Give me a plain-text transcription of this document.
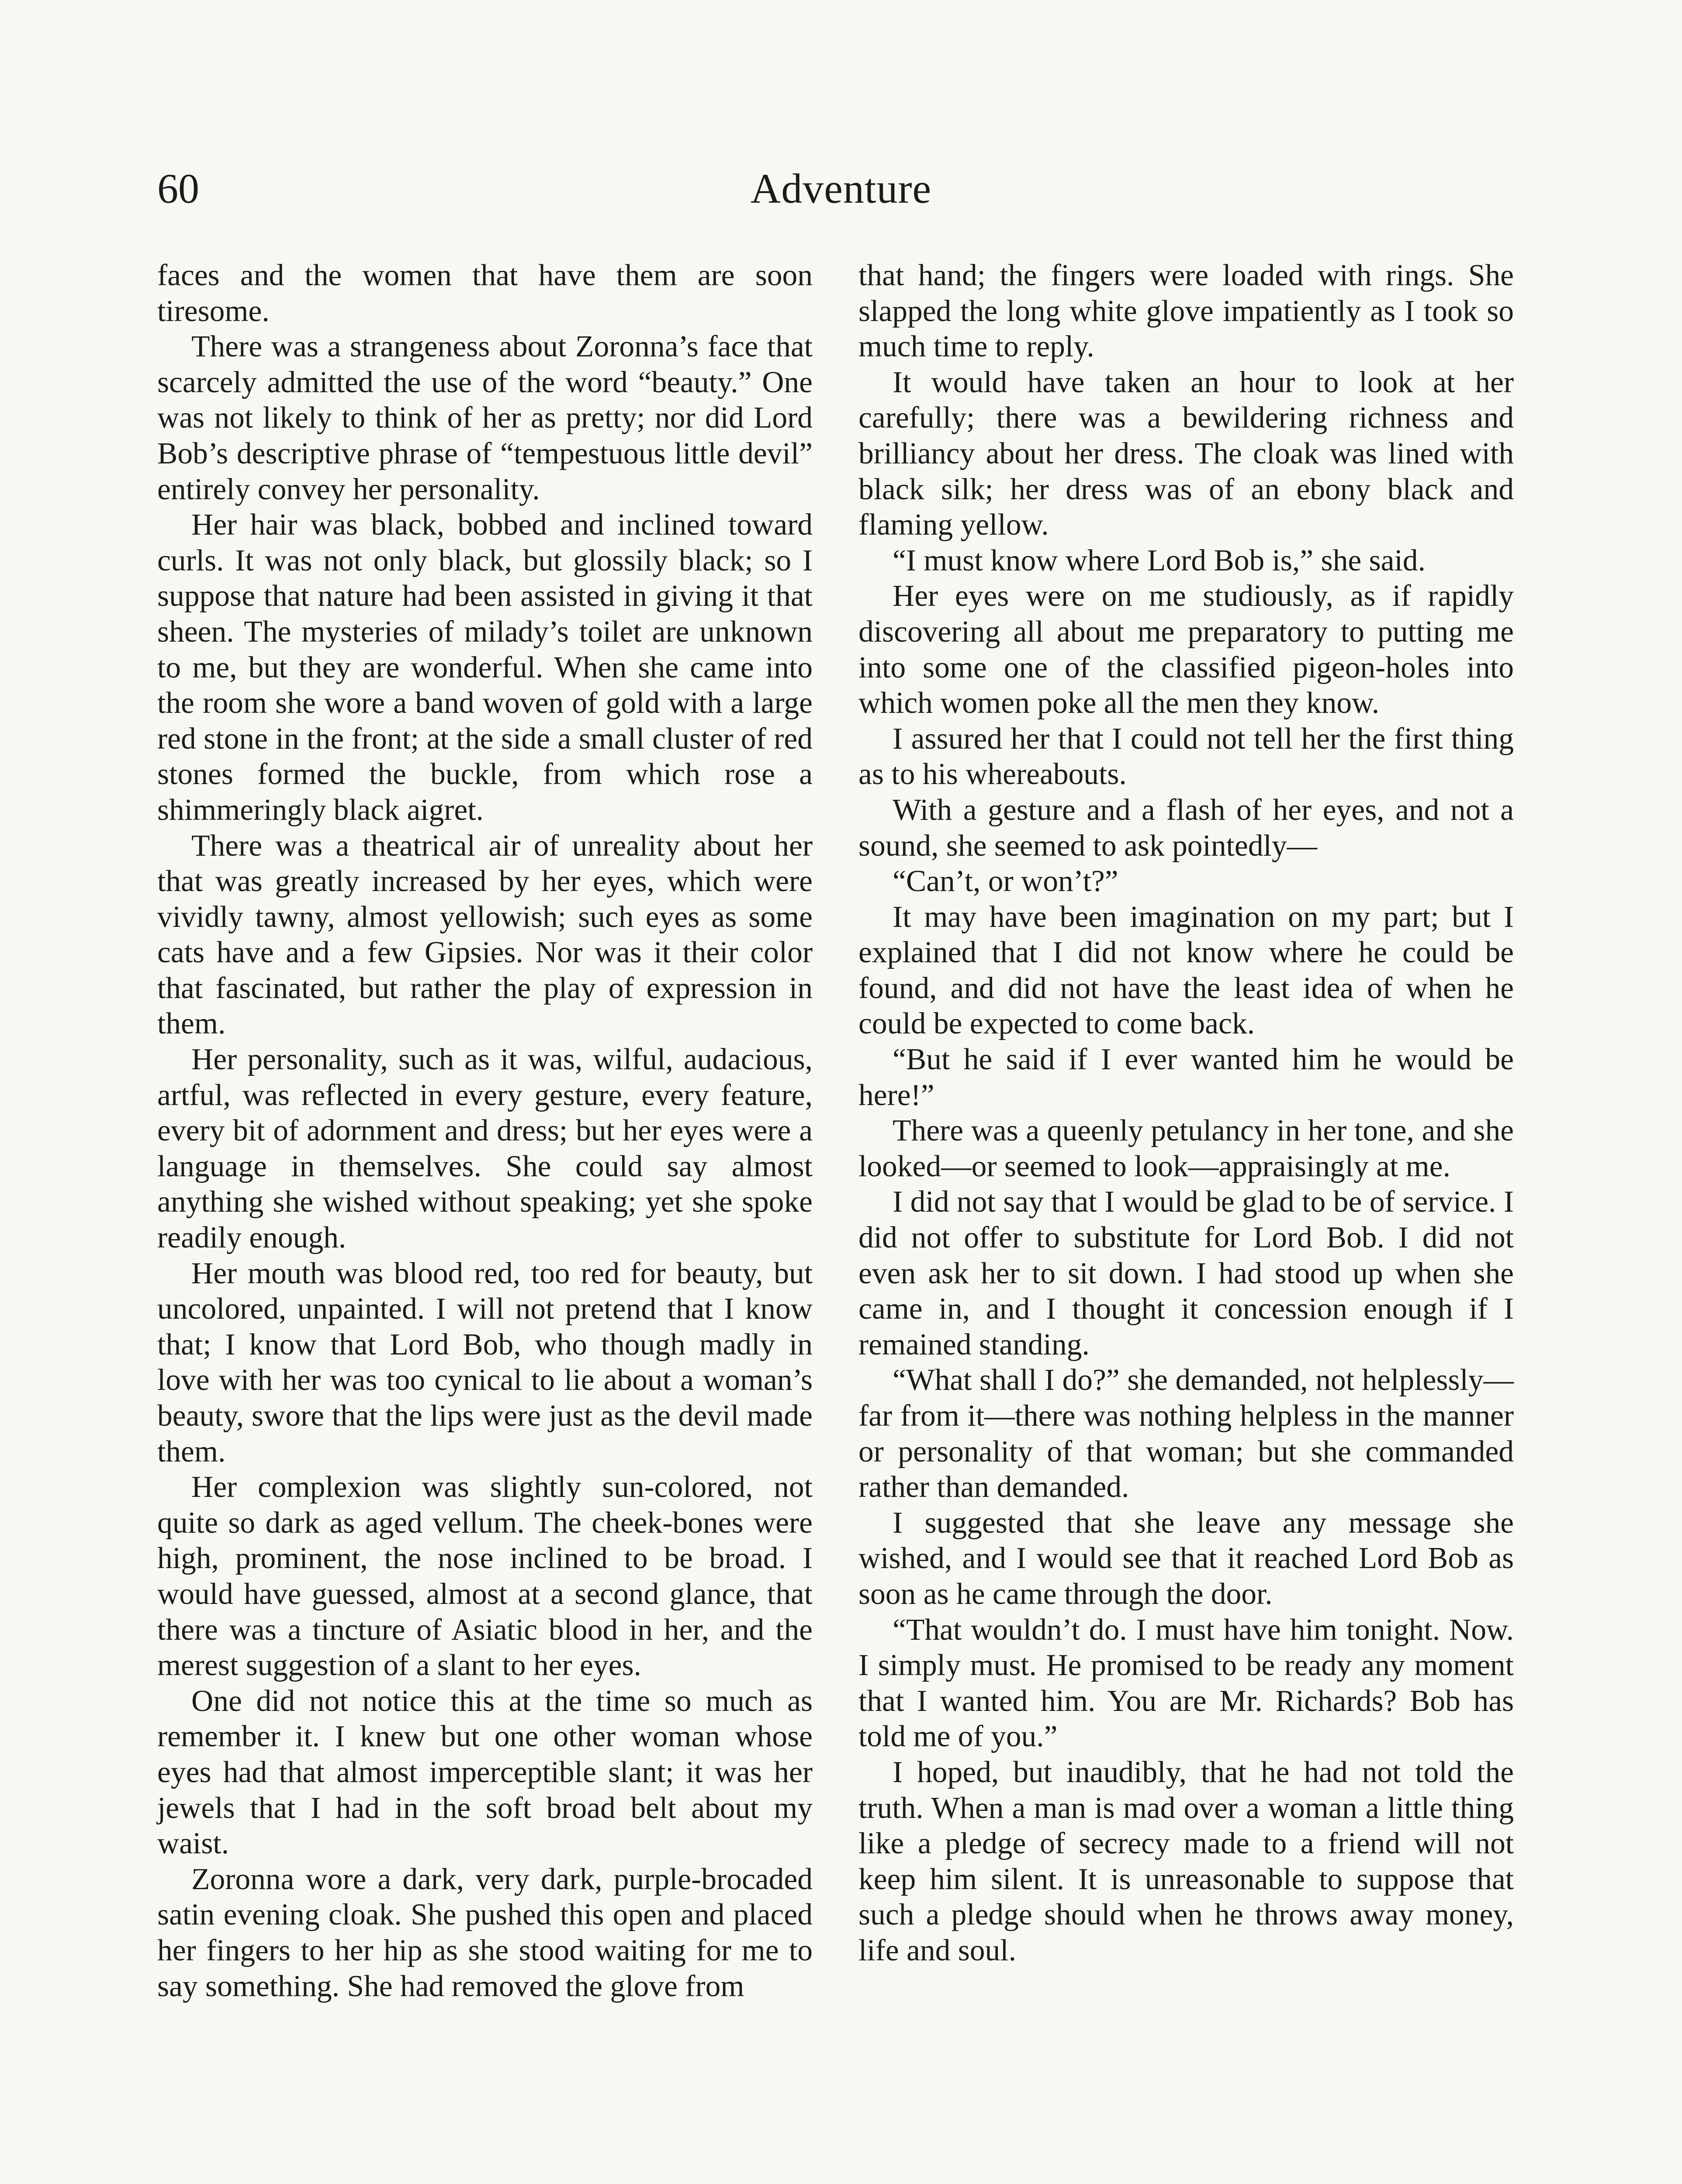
60	Adventure

faces and the women that have them are soon tiresome.

There was a strangeness about Zoronna’s face that scarcely admitted the use of the word “beauty.” One was not likely to think of her as pretty; nor did Lord Bob’s descriptive phrase of “tempestuous little devil” entirely convey her personality.

Her hair was black, bobbed and inclined toward curls. It was not only black, but glossily black; so I suppose that nature had been assisted in giving it that sheen. The mysteries of milady’s toilet are unknown to me, but they are wonderful. When she came into the room she wore a band woven of gold with a large red stone in the front; at the side a small cluster of red stones formed the buckle, from which rose a shimmeringly black aigret.

There was a theatrical air of unreality about her that was greatly increased by her eyes, which were vividly tawny, almost yellowish; such eyes as some cats have and a few Gipsies. Nor was it their color that fascinated, but rather the play of expression in them.

Her personality, such as it was, wilful, audacious, artful, was reflected in every gesture, every feature, every bit of adornment and dress; but her eyes were a language in themselves. She could say almost anything she wished without speaking; yet she spoke readily enough.

Her mouth was blood red, too red for beauty, but uncolored, unpainted. I will not pretend that I know that; I know that Lord Bob, who though madly in love with her was too cynical to lie about a woman’s beauty, swore that the lips were just as the devil made them.

Her complexion was slightly sun-colored, not quite so dark as aged vellum. The cheek-bones were high, prominent, the nose inclined to be broad. I would have guessed, almost at a second glance, that there was a tincture of Asiatic blood in her, and the merest suggestion of a slant to her eyes.

One did not notice this at the time so much as remember it. I knew but one other woman whose eyes had that almost imperceptible slant; it was her jewels that I had in the soft broad belt about my waist.

Zoronna wore a dark, very dark, purple-brocaded satin evening cloak. She pushed this open and placed her fingers to her hip as she stood waiting for me to say something. She had removed the glove from

that hand; the fingers were loaded with rings. She slapped the long white glove impatiently as I took so much time to reply.

It would have taken an hour to look at her carefully; there was a bewildering richness and brilliancy about her dress. The cloak was lined with black silk; her dress was of an ebony black and flaming yellow.

“I must know where Lord Bob is,” she said.

Her eyes were on me studiously, as if rapidly discovering all about me preparatory to putting me into some one of the classified pigeon-holes into which women poke all the men they know.

I assured her that I could not tell her the first thing as to his whereabouts.

With a gesture and a flash of her eyes, and not a sound, she seemed to ask pointedly—

“Can’t, or won’t?”

It may have been imagination on my part; but I explained that I did not know where he could be found, and did not have the least idea of when he could be expected to come back.

“But he said if I ever wanted him he would be here!”

There was a queenly petulancy in her tone, and she looked—or seemed to look—appraisingly at me.

I did not say that I would be glad to be of service. I did not offer to substitute for Lord Bob. I did not even ask her to sit down. I had stood up when she came in, and I thought it concession enough if I remained standing.

“What shall I do?” she demanded, not helplessly—far from it—there was nothing helpless in the manner or personality of that woman; but she commanded rather than demanded.

I suggested that she leave any message she wished, and I would see that it reached Lord Bob as soon as he came through the door.

“That wouldn’t do. I must have him tonight. Now. I simply must. He promised to be ready any moment that I wanted him. You are Mr. Richards? Bob has told me of you.”

I hoped, but inaudibly, that he had not told the truth. When a man is mad over a woman a little thing like a pledge of secrecy made to a friend will not keep him silent. It is unreasonable to suppose that such a pledge should when he throws away money, life and soul.
